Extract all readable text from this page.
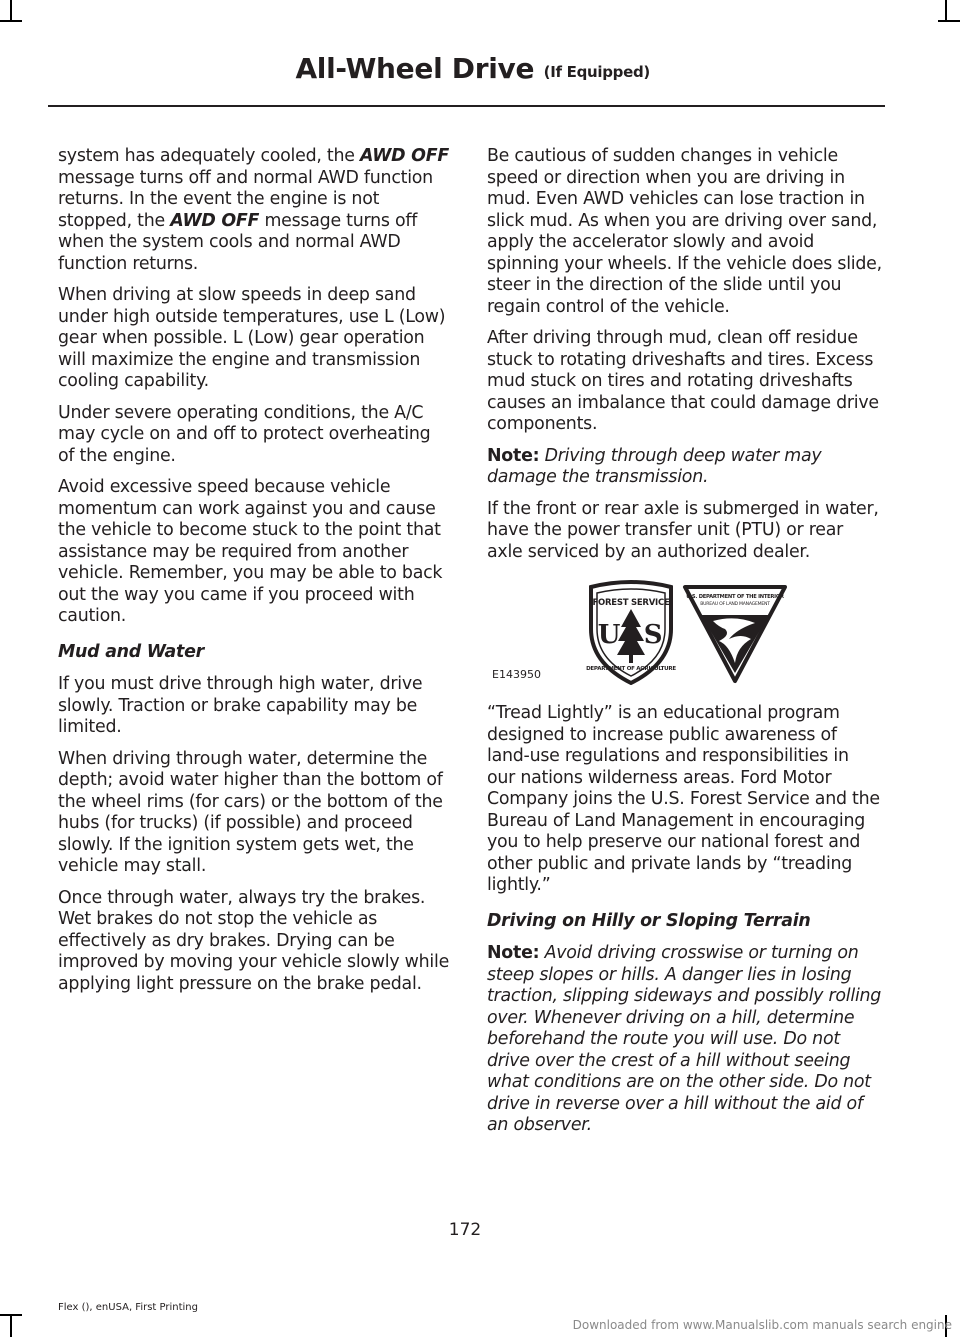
All-Wheel Drive (If Equipped)

system has adequately cooled, the AWD OFF message turns off and normal AWD function returns. In the event the engine is not stopped, the AWD OFF message turns off when the system cools and normal AWD function returns.

When driving at slow speeds in deep sand under high outside temperatures, use L (Low) gear when possible. L (Low) gear operation will maximize the engine and transmission cooling capability.

Under severe operating conditions, the A/C may cycle on and off to protect overheating of the engine.

Avoid excessive speed because vehicle momentum can work against you and cause the vehicle to become stuck to the point that assistance may be required from another vehicle. Remember, you may be able to back out the way you came if you proceed with caution.

Mud and Water

If you must drive through high water, drive slowly. Traction or brake capability may be limited.

When driving through water, determine the depth; avoid water higher than the bottom of the wheel rims (for cars) or the bottom of the hubs (for trucks) (if possible) and proceed slowly. If the ignition system gets wet, the vehicle may stall.

Once through water, always try the brakes. Wet brakes do not stop the vehicle as effectively as dry brakes. Drying can be improved by moving your vehicle slowly while applying light pressure on the brake pedal.

Be cautious of sudden changes in vehicle speed or direction when you are driving in mud. Even AWD vehicles can lose traction in slick mud. As when you are driving over sand, apply the accelerator slowly and avoid spinning your wheels. If the vehicle does slide, steer in the direction of the slide until you regain control of the vehicle.

After driving through mud, clean off residue stuck to rotating driveshafts and tires. Excess mud stuck on tires and rotating driveshafts causes an imbalance that could damage drive components.

Note: Driving through deep water may damage the transmission.

If the front or rear axle is submerged in water, have the power transfer unit (PTU) or rear axle serviced by an authorized dealer.

E143950
FOREST SERVICE
U S
DEPARTMENT OF AGRICULTURE
U.S. DEPARTMENT OF THE INTERIOR
BUREAU OF LAND MANAGEMENT

“Tread Lightly” is an educational program designed to increase public awareness of land-use regulations and responsibilities in our nations wilderness areas. Ford Motor Company joins the U.S. Forest Service and the Bureau of Land Management in encouraging you to help preserve our national forest and other public and private lands by “treading lightly.”

Driving on Hilly or Sloping Terrain

Note: Avoid driving crosswise or turning on steep slopes or hills. A danger lies in losing traction, slipping sideways and possibly rolling over. Whenever driving on a hill, determine beforehand the route you will use. Do not drive over the crest of a hill without seeing what conditions are on the other side. Do not drive in reverse over a hill without the aid of an observer.

172
Flex (), enUSA, First Printing
Downloaded from www.Manualslib.com manuals search engine
